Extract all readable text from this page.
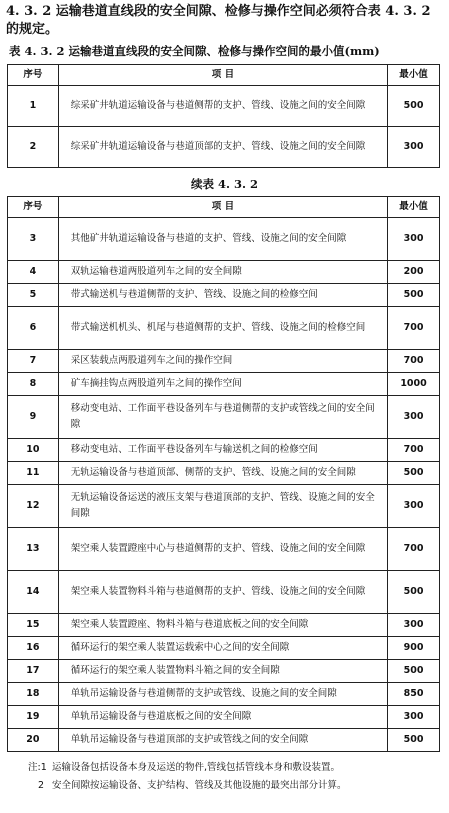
4. 3. 2 运输巷道直线段的安全间隙、检修与操作空间必须符合表 4. 3. 2 的规定。
表 4. 3. 2 运输巷道直线段的安全间隙、检修与操作空间的最小值(mm)
序号	项 目	最小值
1	综采矿井轨道运输设备与巷道侧帮的支护、管线、设施之间的安全间隙	500
2	综采矿井轨道运输设备与巷道顶部的支护、管线、设施之间的安全间隙	300
续表 4. 3. 2
序号	项 目	最小值
3	其他矿井轨道运输设备与巷道的支护、管线、设施之间的安全间隙	300
4	双轨运输巷道两股道列车之间的安全间隙	200
5	带式输送机与巷道侧帮的支护、管线、设施之间的检修空间	500
6	带式输送机机头、机尾与巷道侧帮的支护、管线、设施之间的检修空间	700
7	采区装载点两股道列车之间的操作空间	700
8	矿车摘挂钩点两股道列车之间的操作空间	1000
9	移动变电站、工作面平巷设备列车与巷道侧帮的支护或管线之间的安全间隙	300
10	移动变电站、工作面平巷设备列车与输送机之间的检修空间	700
11	无轨运输设备与巷道顶部、侧帮的支护、管线、设施之间的安全间隙	500
12	无轨运输设备运送的液压支架与巷道顶部的支护、管线、设施之间的安全间隙	300
13	架空乘人装置蹬座中心与巷道侧帮的支护、管线、设施之间的安全间隙	700
14	架空乘人装置物料斗箱与巷道侧帮的支护、管线、设施之间的安全间隙	500
15	架空乘人装置蹬座、物料斗箱与巷道底板之间的安全间隙	300
16	循环运行的架空乘人装置运载索中心之间的安全间隙	900
17	循环运行的架空乘人装置物料斗箱之间的安全间隙	500
18	单轨吊运输设备与巷道侧帮的支护或管线、设施之间的安全间隙	850
19	单轨吊运输设备与巷道底板之间的安全间隙	300
20	单轨吊运输设备与巷道顶部的支护或管线之间的安全间隙	500
注:1 运输设备包括设备本身及运送的物件,管线包括管线本身和敷设装置。
2 安全间隙按运输设备、支护结构、管线及其他设施的最突出部分计算。
